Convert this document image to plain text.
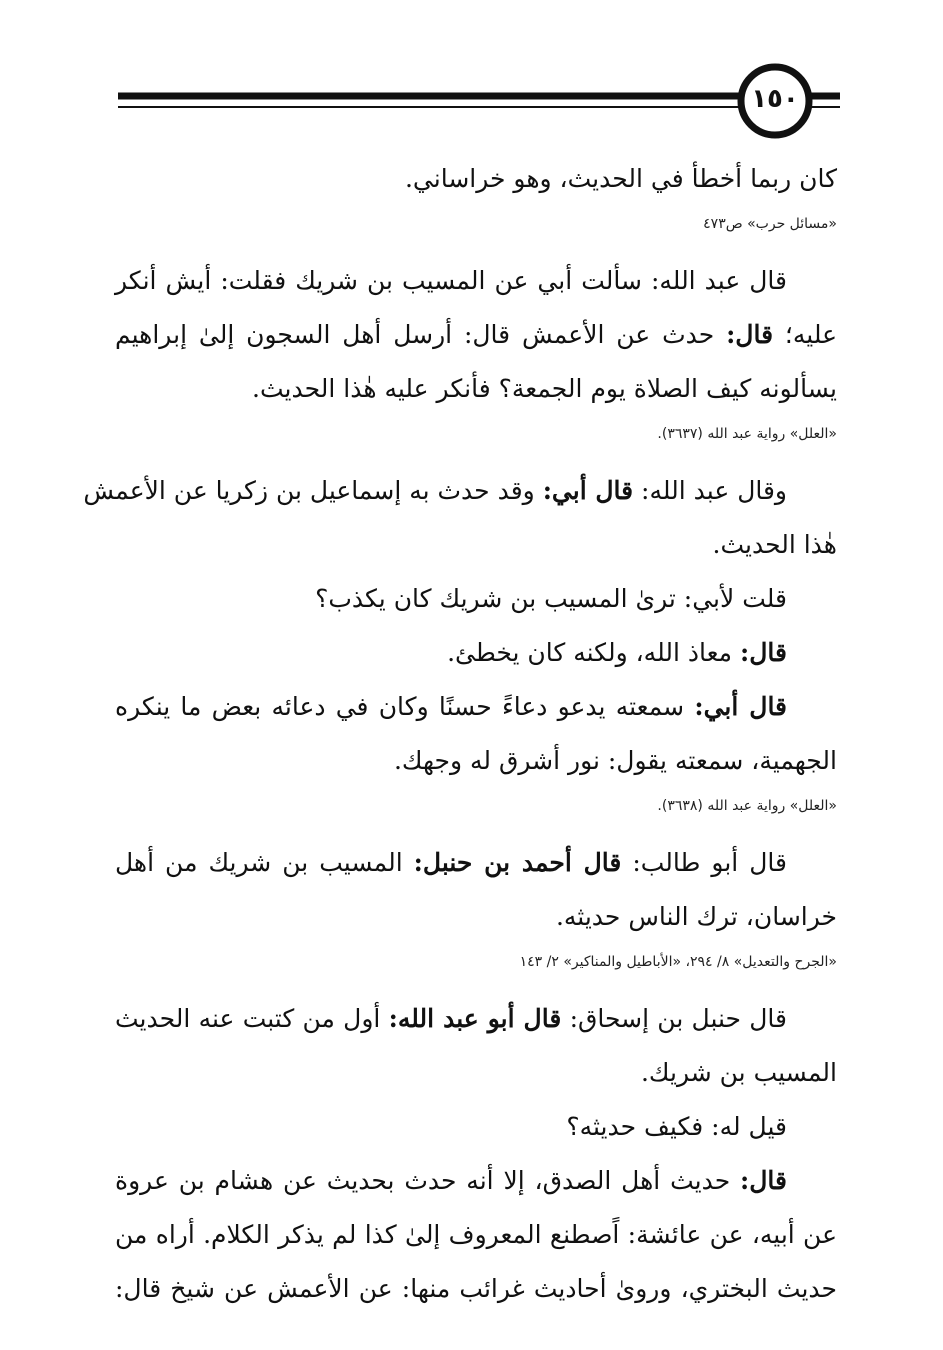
١٥٠
كان ربما أخطأ في الحديث، وهو خراساني.
«مسائل حرب» ص٤٧٣
قال عبد الله: سألت أبي عن المسيب بن شريك فقلت: أيش أنكر
عليه؛ قال: حدث عن الأعمش قال: أرسل أهل السجون إلىٰ إبراهيم
يسألونه كيف الصلاة يوم الجمعة؟ فأنكر عليه هٰذا الحديث.
«العلل» رواية عبد الله (٣٦٣٧).
وقال عبد الله: قال أبي: وقد حدث به إسماعيل بن زكريا عن الأعمش
هٰذا الحديث.
قلت لأبي: ترىٰ المسيب بن شريك كان يكذب؟
قال: معاذ الله، ولكنه كان يخطئ.
قال أبي: سمعته يدعو دعاءً حسنًا وكان في دعائه بعض ما ينكره
الجهمية، سمعته يقول: نور أشرق له وجهك.
«العلل» رواية عبد الله (٣٦٣٨).
قال أبو طالب: قال أحمد بن حنبل: المسيب بن شريك من أهل
خراسان، ترك الناس حديثه.
«الجرح والتعديل» ٨/ ٢٩٤، «الأباطيل والمناكير» ٢/ ١٤٣
قال حنبل بن إسحاق: قال أبو عبد الله: أول من كتبت عنه الحديث
المسيب بن شريك.
قيل له: فكيف حديثه؟
قال: حديث أهل الصدق، إلا أنه حدث بحديث عن هشام بن عروة
عن أبيه، عن عائشة: اًصطنع المعروف إلىٰ كذا لم يذكر الكلام. أراه من
حديث البختري، وروىٰ أحاديث غرائب منها: عن الأعمش عن شيخ قال:
